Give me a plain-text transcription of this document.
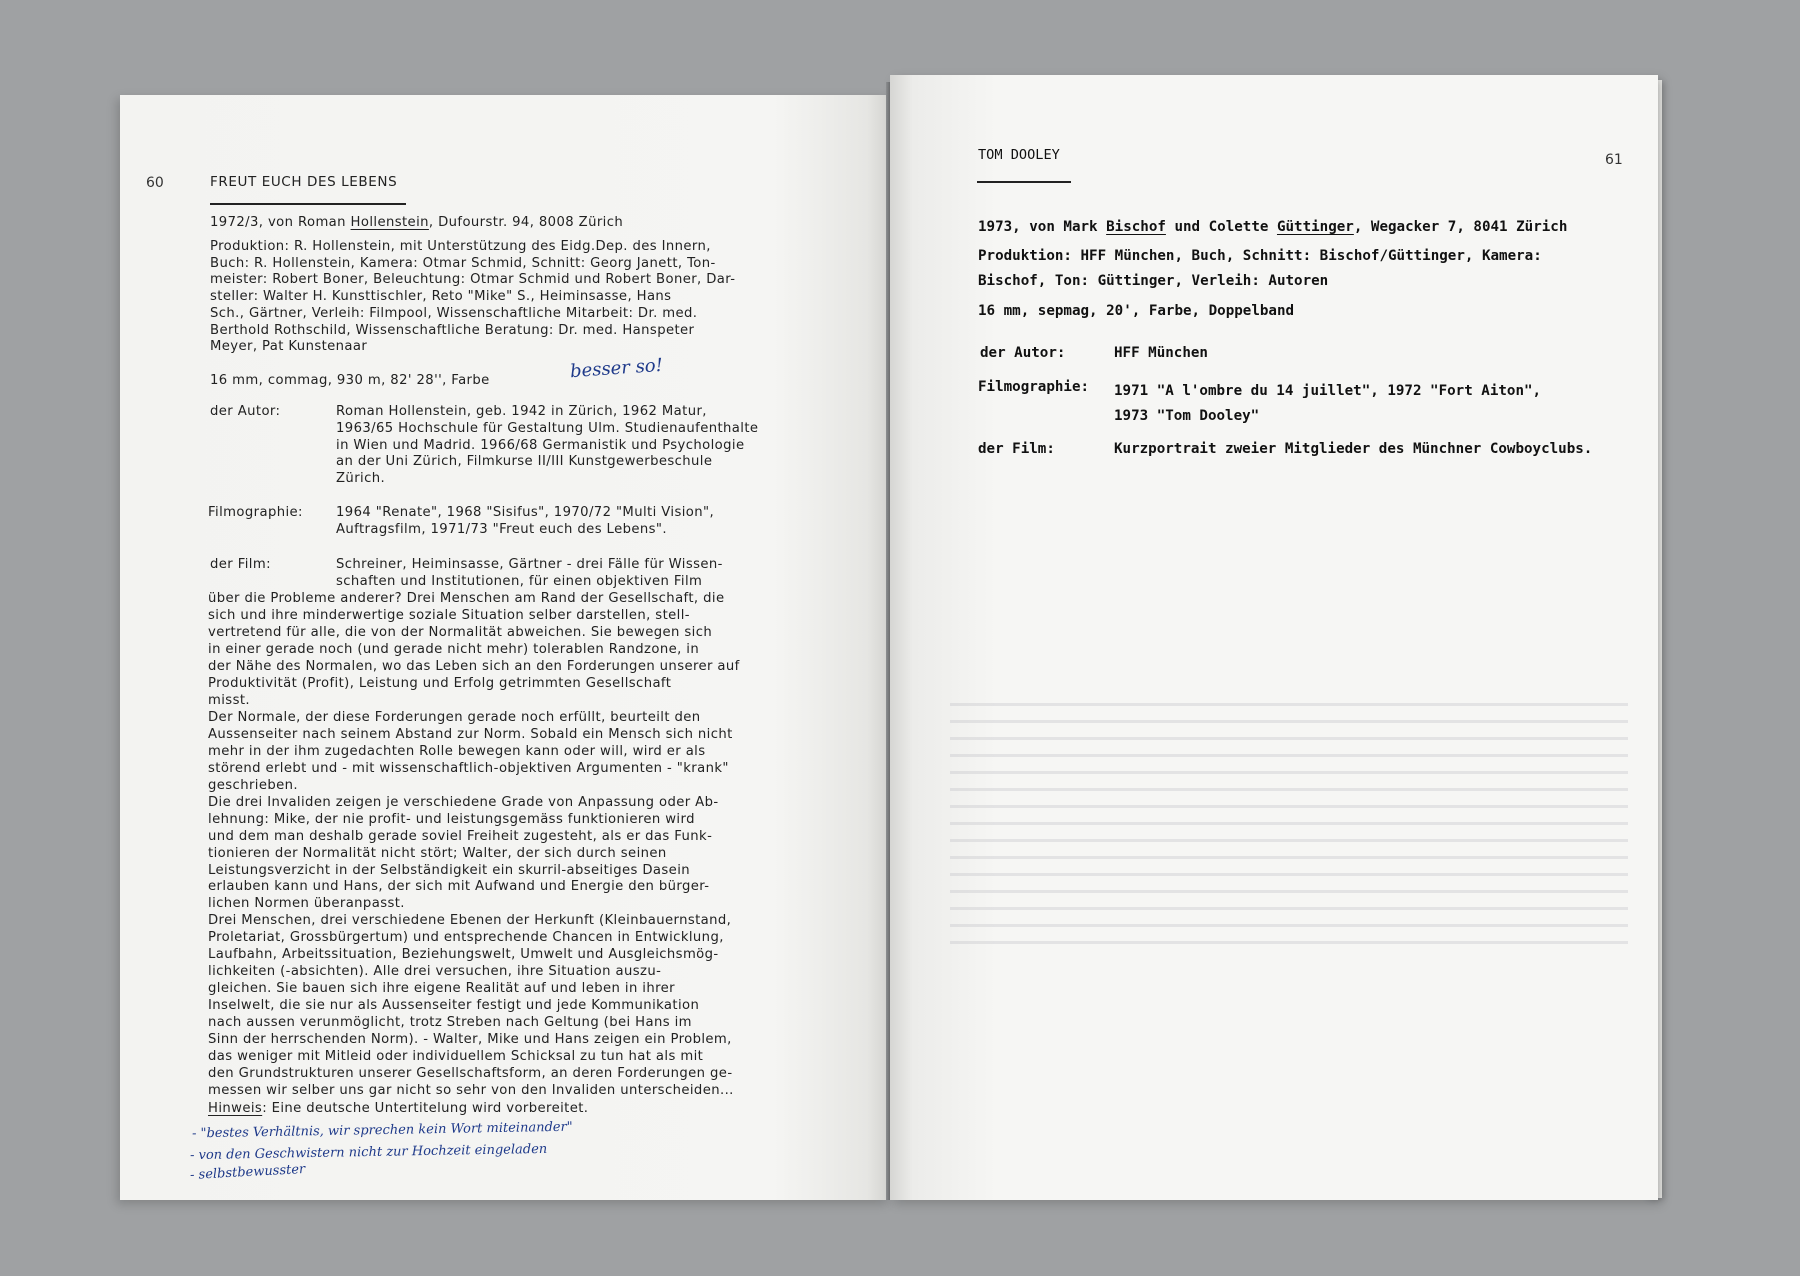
60	FREUT EUCH DES LEBENS
1972/3, von Roman Hollenstein, Dufourstr. 94, 8008 Zürich
Produktion: R. Hollenstein, mit Unterstützung des Eidg.Dep. des Innern,
Buch: R. Hollenstein, Kamera: Otmar Schmid, Schnitt: Georg Janett, Ton-
meister: Robert Boner, Beleuchtung: Otmar Schmid und Robert Boner, Dar-
steller: Walter H. Kunsttischler, Reto "Mike" S., Heiminsasse, Hans
Sch., Gärtner, Verleih: Filmpool, Wissenschaftliche Mitarbeit: Dr. med.
Berthold Rothschild, Wissenschaftliche Beratung: Dr. med. Hanspeter
Meyer, Pat Kunstenaar
16 mm, commag, 930 m, 82' 28'', Farbe	besser so!
der Autor:	Roman Hollenstein, geb. 1942 in Zürich, 1962 Matur,
1963/65 Hochschule für Gestaltung Ulm. Studienaufenthalte
in Wien und Madrid. 1966/68 Germanistik und Psychologie
an der Uni Zürich, Filmkurse II/III Kunstgewerbeschule
Zürich.
Filmographie:	1964 "Renate", 1968 "Sisifus", 1970/72 "Multi Vision",
Auftragsfilm, 1971/73 "Freut euch des Lebens".
der Film:	Schreiner, Heiminsasse, Gärtner - drei Fälle für Wissen-
schaften und Institutionen, für einen objektiven Film
über die Probleme anderer? Drei Menschen am Rand der Gesellschaft, die
sich und ihre minderwertige soziale Situation selber darstellen, stell-
vertretend für alle, die von der Normalität abweichen. Sie bewegen sich
in einer gerade noch (und gerade nicht mehr) tolerablen Randzone, in
der Nähe des Normalen, wo das Leben sich an den Forderungen unserer auf
Produktivität (Profit), Leistung und Erfolg getrimmten Gesellschaft
misst.
Der Normale, der diese Forderungen gerade noch erfüllt, beurteilt den
Aussenseiter nach seinem Abstand zur Norm. Sobald ein Mensch sich nicht
mehr in der ihm zugedachten Rolle bewegen kann oder will, wird er als
störend erlebt und - mit wissenschaftlich-objektiven Argumenten - "krank"
geschrieben.
Die drei Invaliden zeigen je verschiedene Grade von Anpassung oder Ab-
lehnung: Mike, der nie profit- und leistungsgemäss funktionieren wird
und dem man deshalb gerade soviel Freiheit zugesteht, als er das Funk-
tionieren der Normalität nicht stört; Walter, der sich durch seinen
Leistungsverzicht in der Selbständigkeit ein skurril-abseitiges Dasein
erlauben kann und Hans, der sich mit Aufwand und Energie den bürger-
lichen Normen überanpasst.
Drei Menschen, drei verschiedene Ebenen der Herkunft (Kleinbauernstand,
Proletariat, Grossbürgertum) und entsprechende Chancen in Entwicklung,
Laufbahn, Arbeitssituation, Beziehungswelt, Umwelt und Ausgleichsmög-
lichkeiten (-absichten). Alle drei versuchen, ihre Situation auszu-
gleichen. Sie bauen sich ihre eigene Realität auf und leben in ihrer
Inselwelt, die sie nur als Aussenseiter festigt und jede Kommunikation
nach aussen verunmöglicht, trotz Streben nach Geltung (bei Hans im
Sinn der herrschenden Norm). - Walter, Mike und Hans zeigen ein Problem,
das weniger mit Mitleid oder individuellem Schicksal zu tun hat als mit
den Grundstrukturen unserer Gesellschaftsform, an deren Forderungen ge-
messen wir selber uns gar nicht so sehr von den Invaliden unterscheiden...
Hinweis: Eine deutsche Untertitelung wird vorbereitet.
- "bestes Verhältnis, wir sprechen kein Wort miteinander"
- von den Geschwistern nicht zur Hochzeit eingeladen
- selbstbewusster
TOM DOOLEY	61
1973, von Mark Bischof und Colette Güttinger, Wegacker 7, 8041 Zürich
Produktion: HFF München, Buch, Schnitt: Bischof/Güttinger, Kamera:
Bischof, Ton: Güttinger, Verleih: Autoren
16 mm, sepmag, 20', Farbe, Doppelband
der Autor:	HFF München
Filmographie: 1971 "A l'ombre du 14 juillet", 1972 "Fort Aiton",
1973 "Tom Dooley"
der Film:	Kurzportrait zweier Mitglieder des Münchner Cowboyclubs.
